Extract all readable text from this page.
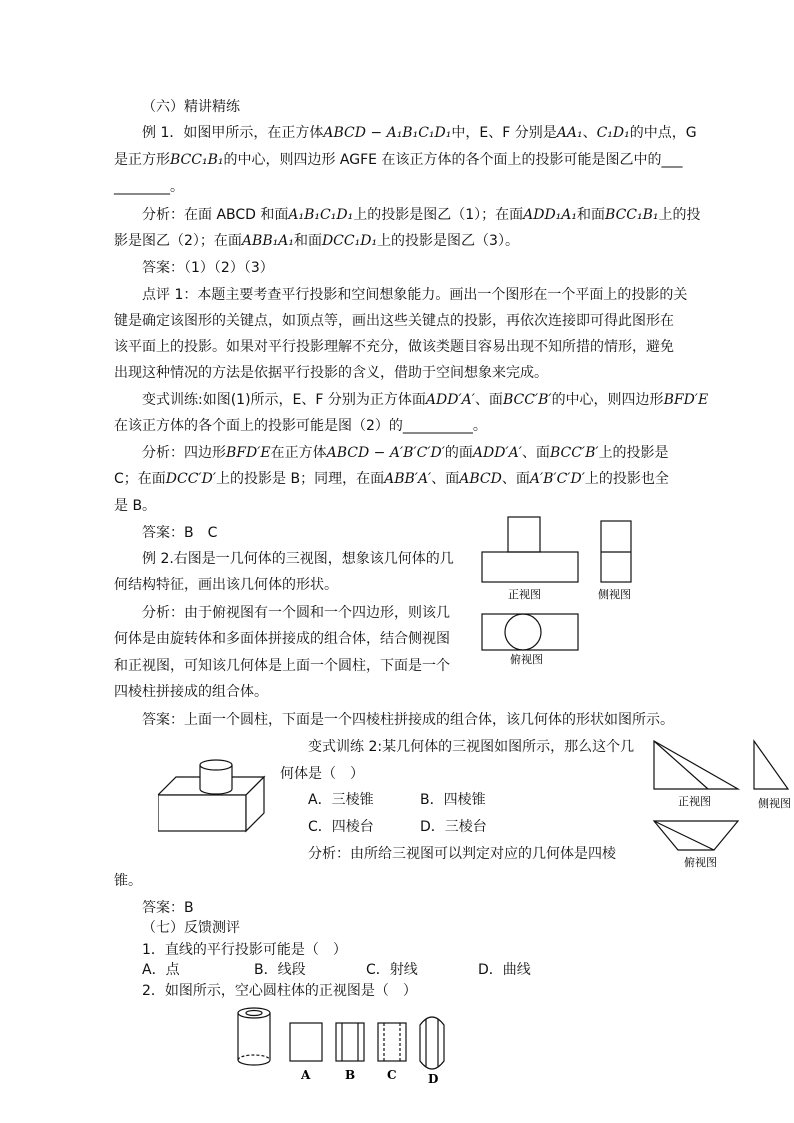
（六）精讲精练
例 1．如图甲所示，在正方体ABCD − A₁B₁C₁D₁中，E、F 分别是AA₁、C₁D₁的中点，G
是正方形BCC₁B₁的中心，则四边形 AGFE 在该正方体的各个面上的投影可能是图乙中的___
________。
分析：在面 ABCD 和面A₁B₁C₁D₁上的投影是图乙（1）；在面ADD₁A₁和面BCC₁B₁上的投
影是图乙（2）；在面ABB₁A₁和面DCC₁D₁上的投影是图乙（3）。
答案：（1）（2）（3）
点评 1：本题主要考查平行投影和空间想象能力。画出一个图形在一个平面上的投影的关
键是确定该图形的关键点，如顶点等，画出这些关键点的投影，再依次连接即可得此图形在
该平面上的投影。如果对平行投影理解不充分，做该类题目容易出现不知所措的情形，避免
出现这种情况的方法是依据平行投影的含义，借助于空间想象来完成。
变式训练:如图(1)所示，E、F 分别为正方体面ADD′A′、面BCC′B′的中心，则四边形BFD′E
在该正方体的各个面上的投影可能是图（2）的__________。
分析：四边形BFD′E在正方体ABCD − A′B′C′D′的面ADD′A′、面BCC′B′上的投影是
C；在面DCC′D′上的投影是 B；同理，在面ABB′A′、面ABCD、面A′B′C′D′上的投影也全
是 B。
答案：B　C
例 2.右图是一几何体的三视图，想象该几何体的几
何结构特征，画出该几何体的形状。
分析：由于俯视图有一个圆和一个四边形，则该几
何体是由旋转体和多面体拼接成的组合体，结合侧视图
和正视图，可知该几何体是上面一个圆柱，下面是一个
四棱柱拼接成的组合体。
答案：上面一个圆柱，下面是一个四棱柱拼接成的组合体，该几何体的形状如图所示。
变式训练 2:某几何体的三视图如图所示，那么这个几
何体是（　）
A．三棱锥	B．四棱锥
C．四棱台	D．三棱台
分析：由所给三视图可以判定对应的几何体是四棱
锥。
答案：B
（七）反馈测评
1．直线的平行投影可能是（　）
A．点	B．线段	C．射线	D．曲线
2．如图所示，空心圆柱体的正视图是（　）
正视图	侧视图
俯视图
正视图	侧视图
俯视图
A	B	C	D
